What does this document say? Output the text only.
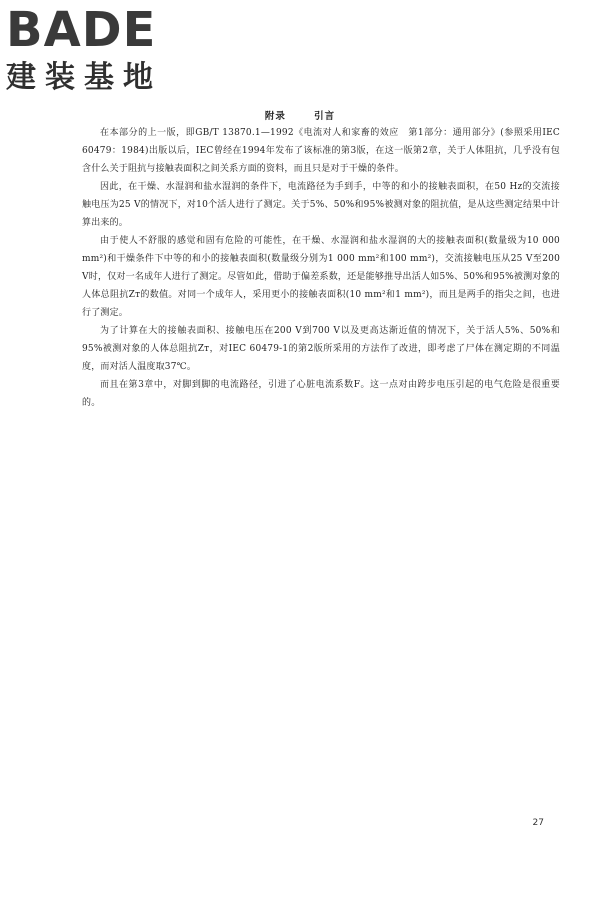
BADE
建装基地
附录	引言

在本部分的上一版，即GB/T 13870.1—1992《电流对人和家畜的效应　第1部分：通用部分》(参照采用IEC 60479：1984)出版以后，IEC曾经在1994年发布了该标准的第3版，在这一版第2章，关于人体阻抗，几乎没有包含什么关于阻抗与接触表面积之间关系方面的资料，而且只是对于干燥的条件。

因此，在干燥、水湿润和盐水湿润的条件下，电流路径为手到手，中等的和小的接触表面积，在50 Hz的交流接触电压为25 V的情况下，对10个活人进行了测定。关于5%、50%和95%被测对象的阻抗值，是从这些测定结果中计算出来的。

由于使人不舒服的感觉和固有危险的可能性，在干燥、水湿润和盐水湿润的大的接触表面积(数量级为10 000 mm²)和干燥条件下中等的和小的接触表面积(数量级分别为1 000 mm²和100 mm²)，交流接触电压从25 V至200 V时，仅对一名成年人进行了测定。尽管如此，借助于偏差系数，还是能够推导出活人如5%、50%和95%被测对象的人体总阻抗Zᴛ的数值。对同一个成年人，采用更小的接触表面积(10 mm²和1 mm²)，而且是两手的指尖之间，也进行了测定。

为了计算在大的接触表面积、接触电压在200 V到700 V以及更高达渐近值的情况下，关于活人5%、50%和95%被测对象的人体总阻抗Zᴛ，对IEC 60479-1的第2版所采用的方法作了改进，即考虑了尸体在测定期的不同温度，而对活人温度取37℃。

而且在第3章中，对脚到脚的电流路径，引进了心脏电流系数F。这一点对由跨步电压引起的电气危险是很重要的。

27
